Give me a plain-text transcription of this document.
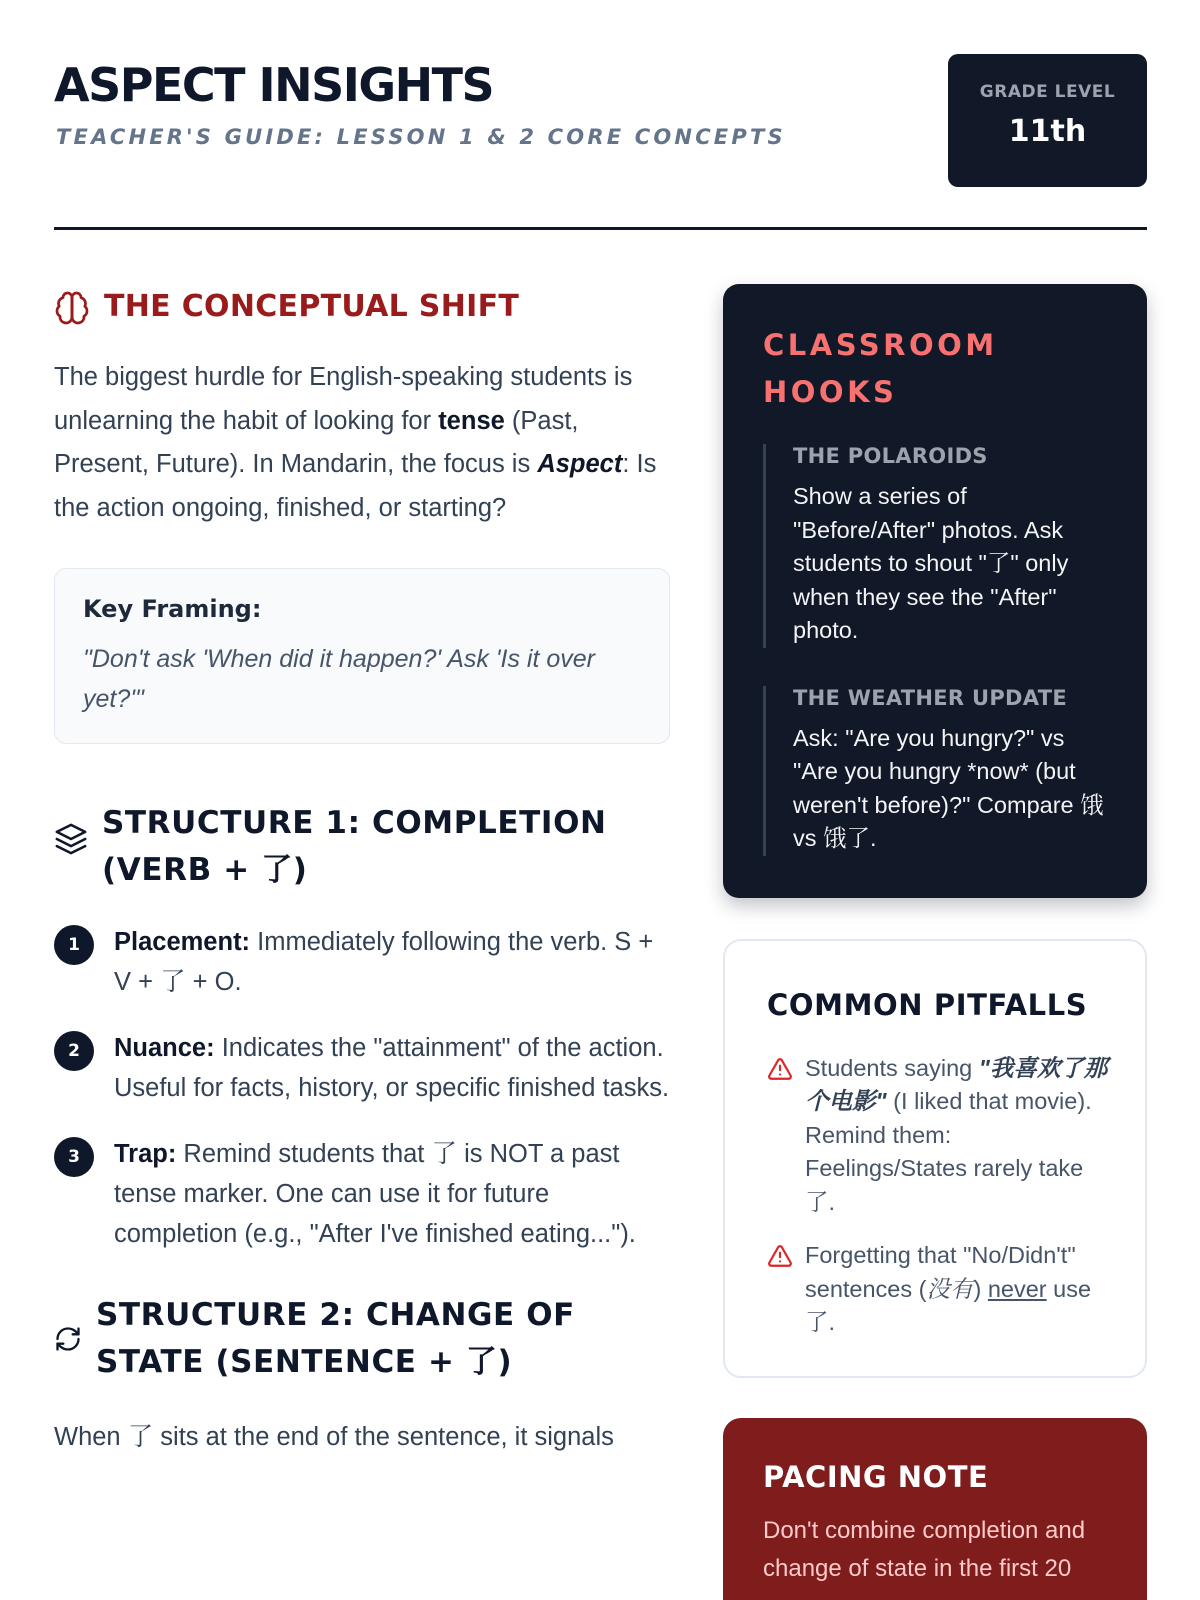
ASPECT INSIGHTS
TEACHER'S GUIDE: LESSON 1 & 2 CORE CONCEPTS
GRADE LEVEL
11th
THE CONCEPTUAL SHIFT

The biggest hurdle for English-speaking students is unlearning the habit of looking for tense (Past, Present, Future). In Mandarin, the focus is Aspect: Is the action ongoing, finished, or starting?

Key Framing:
"Don't ask 'When did it happen?' Ask 'Is it over yet?'"
STRUCTURE 1: COMPLETION (VERB + 了)
1	Placement: Immediately following the verb. S + V + 了 + O.
2	Nuance: Indicates the "attainment" of the action. Useful for facts, history, or specific finished tasks.
3	Trap: Remind students that 了 is NOT a past tense marker. One can use it for future completion (e.g., "After I've finished eating...").
STRUCTURE 2: CHANGE OF STATE (SENTENCE + 了)

When 了 sits at the end of the sentence, it signals

CLASSROOM HOOKS
THE POLAROIDS
Show a series of "Before/After" photos. Ask students to shout "了" only when they see the "After" photo.
THE WEATHER UPDATE
Ask: "Are you hungry?" vs "Are you hungry *now* (but weren't before)?" Compare 饿 vs 饿了.
COMMON PITFALLS
Students saying "我喜欢了那个电影" (I liked that movie). Remind them: Feelings/States rarely take 了.
Forgetting that "No/Didn't" sentences (没有) never use 了.
PACING NOTE
Don't combine completion and change of state in the first 20
